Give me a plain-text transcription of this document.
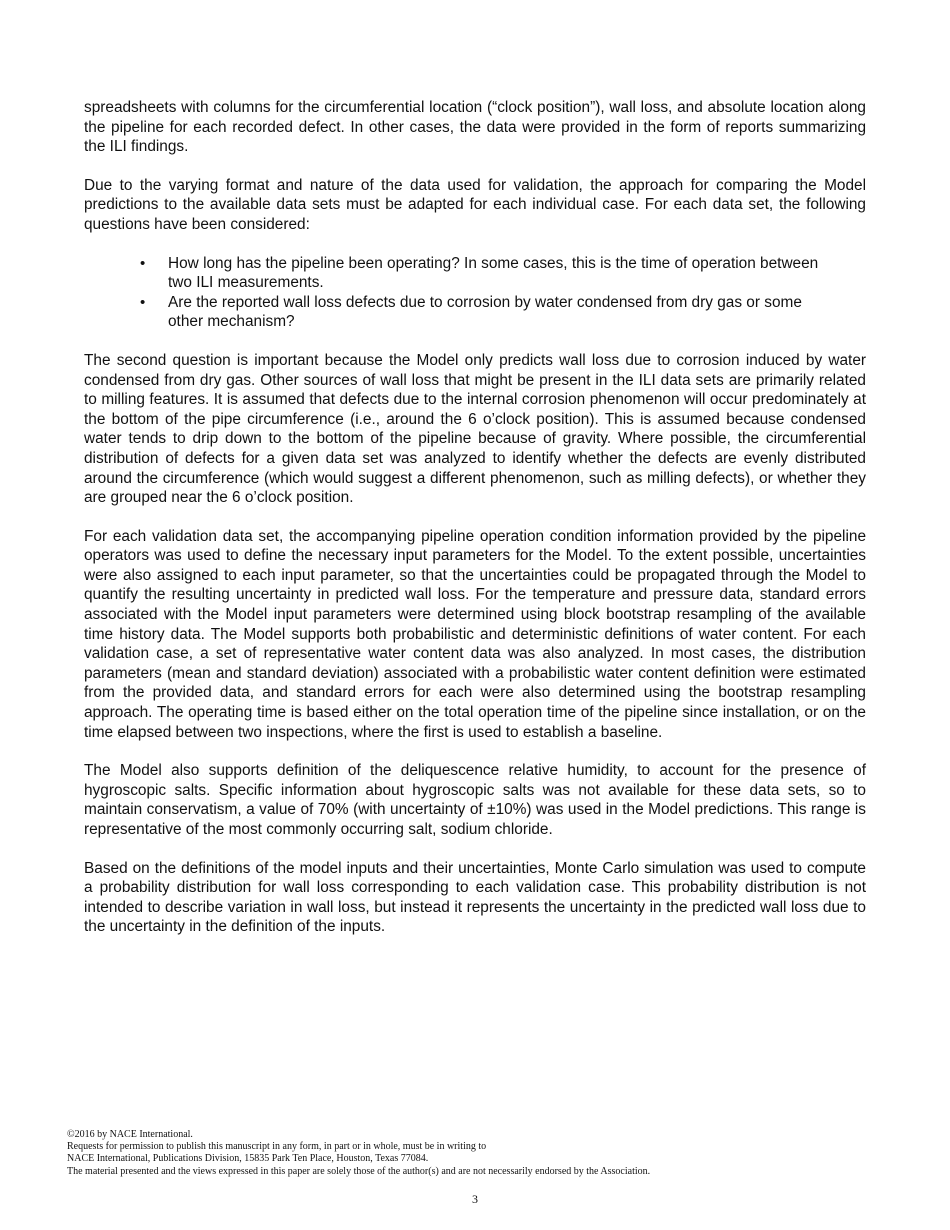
spreadsheets with columns for the circumferential location (“clock position”), wall loss, and absolute location along the pipeline for each recorded defect. In other cases, the data were provided in the form of reports summarizing the ILI findings.

Due to the varying format and nature of the data used for validation, the approach for comparing the Model predictions to the available data sets must be adapted for each individual case. For each data set, the following questions have been considered:

• How long has the pipeline been operating? In some cases, this is the time of operation between two ILI measurements.
• Are the reported wall loss defects due to corrosion by water condensed from dry gas or some other mechanism?

The second question is important because the Model only predicts wall loss due to corrosion induced by water condensed from dry gas. Other sources of wall loss that might be present in the ILI data sets are primarily related to milling features. It is assumed that defects due to the internal corrosion phenomenon will occur predominately at the bottom of the pipe circumference (i.e., around the 6 o’clock position). This is assumed because condensed water tends to drip down to the bottom of the pipeline because of gravity. Where possible, the circumferential distribution of defects for a given data set was analyzed to identify whether the defects are evenly distributed around the circumference (which would suggest a different phenomenon, such as milling defects), or whether they are grouped near the 6 o’clock position.

For each validation data set, the accompanying pipeline operation condition information provided by the pipeline operators was used to define the necessary input parameters for the Model. To the extent possible, uncertainties were also assigned to each input parameter, so that the uncertainties could be propagated through the Model to quantify the resulting uncertainty in predicted wall loss. For the temperature and pressure data, standard errors associated with the Model input parameters were determined using block bootstrap resampling of the available time history data. The Model supports both probabilistic and deterministic definitions of water content. For each validation case, a set of representative water content data was also analyzed. In most cases, the distribution parameters (mean and standard deviation) associated with a probabilistic water content definition were estimated from the provided data, and standard errors for each were also determined using the bootstrap resampling approach. The operating time is based either on the total operation time of the pipeline since installation, or on the time elapsed between two inspections, where the first is used to establish a baseline.

The Model also supports definition of the deliquescence relative humidity, to account for the presence of hygroscopic salts. Specific information about hygroscopic salts was not available for these data sets, so to maintain conservatism, a value of 70% (with uncertainty of ±10%) was used in the Model predictions. This range is representative of the most commonly occurring salt, sodium chloride.

Based on the definitions of the model inputs and their uncertainties, Monte Carlo simulation was used to compute a probability distribution for wall loss corresponding to each validation case. This probability distribution is not intended to describe variation in wall loss, but instead it represents the uncertainty in the predicted wall loss due to the uncertainty in the definition of the inputs.

©2016 by NACE International.
Requests for permission to publish this manuscript in any form, in part or in whole, must be in writing to
NACE International, Publications Division, 15835 Park Ten Place, Houston, Texas 77084.
The material presented and the views expressed in this paper are solely those of the author(s) and are not necessarily endorsed by the Association.
3
